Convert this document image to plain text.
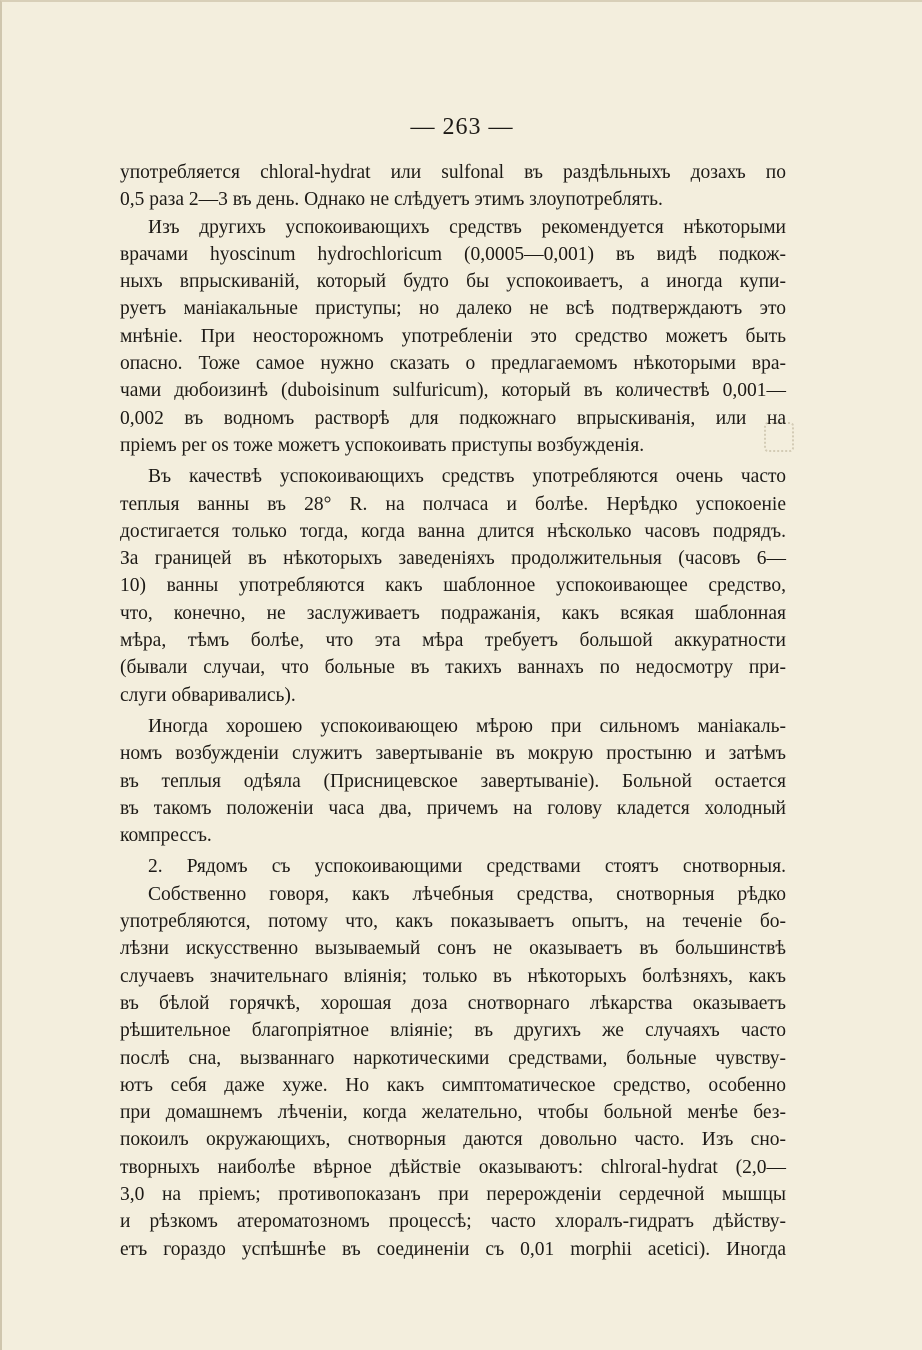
— 263 —
употребляется chloral-hydrat или sulfonal въ раздѣльныхъ дозахъ по
0,5 раза 2—3 въ день. Однако не слѣдуетъ этимъ злоупотреблять.
Изъ другихъ успокоивающихъ средствъ рекомендуется нѣкоторыми
врачами hyoscinum hydrochloricum (0,0005—0,001) въ видѣ подкож-
ныхъ впрыскиваній, который будто бы успокоиваетъ, а иногда купи-
руетъ маніакальные приступы; но далеко не всѣ подтверждаютъ это
мнѣніе. При неосторожномъ употребленіи это средство можетъ быть
опасно. Тоже самое нужно сказать о предлагаемомъ нѣкоторыми вра-
чами дюбоизинѣ (duboisinum sulfuricum), который въ количествѣ 0,001—
0,002 въ водномъ растворѣ для подкожнаго впрыскиванія, или на
пріемъ per os тоже можетъ успокоивать приступы возбужденія.
Въ качествѣ успокоивающихъ средствъ употребляются очень часто
теплыя ванны въ 28° R. на полчаса и болѣе. Нерѣдко успокоеніе
достигается только тогда, когда ванна длится нѣсколько часовъ подрядъ.
За границей въ нѣкоторыхъ заведеніяхъ продолжительныя (часовъ 6—
10) ванны употребляются какъ шаблонное успокоивающее средство,
что, конечно, не заслуживаетъ подражанія, какъ всякая шаблонная
мѣра, тѣмъ болѣе, что эта мѣра требуетъ большой аккуратности
(бывали случаи, что больные въ такихъ ваннахъ по недосмотру при-
слуги обваривались).
Иногда хорошею успокоивающею мѣрою при сильномъ маніакаль-
номъ возбужденіи служитъ завертываніе въ мокрую простыню и затѣмъ
въ теплыя одѣяла (Присницевское завертываніе). Больной остается
въ такомъ положеніи часа два, причемъ на голову кладется холодный
компрессъ.
2. Рядомъ съ успокоивающими средствами стоятъ снотворныя.
Собственно говоря, какъ лѣчебныя средства, снотворныя рѣдко
употребляются, потому что, какъ показываетъ опытъ, на теченіе бо-
лѣзни искусственно вызываемый сонъ не оказываетъ въ большинствѣ
случаевъ значительнаго вліянія; только въ нѣкоторыхъ болѣзняхъ, какъ
въ бѣлой горячкѣ, хорошая доза снотворнаго лѣкарства оказываетъ
рѣшительное благопріятное вліяніе; въ другихъ же случаяхъ часто
послѣ сна, вызваннаго наркотическими средствами, больные чувству-
ютъ себя даже хуже. Но какъ симптоматическое средство, особенно
при домашнемъ лѣченіи, когда желательно, чтобы больной менѣе без-
покоилъ окружающихъ, снотворныя даются довольно часто. Изъ сно-
творныхъ наиболѣе вѣрное дѣйствіе оказываютъ: chlroral-hydrat (2,0—
3,0 на пріемъ; противопоказанъ при перерожденіи сердечной мышцы
и рѣзкомъ атероматозномъ процессѣ; часто хлоралъ-гидратъ дѣйству-
етъ гораздо успѣшнѣе въ соединеніи съ 0,01 morphii acetici). Иногда
